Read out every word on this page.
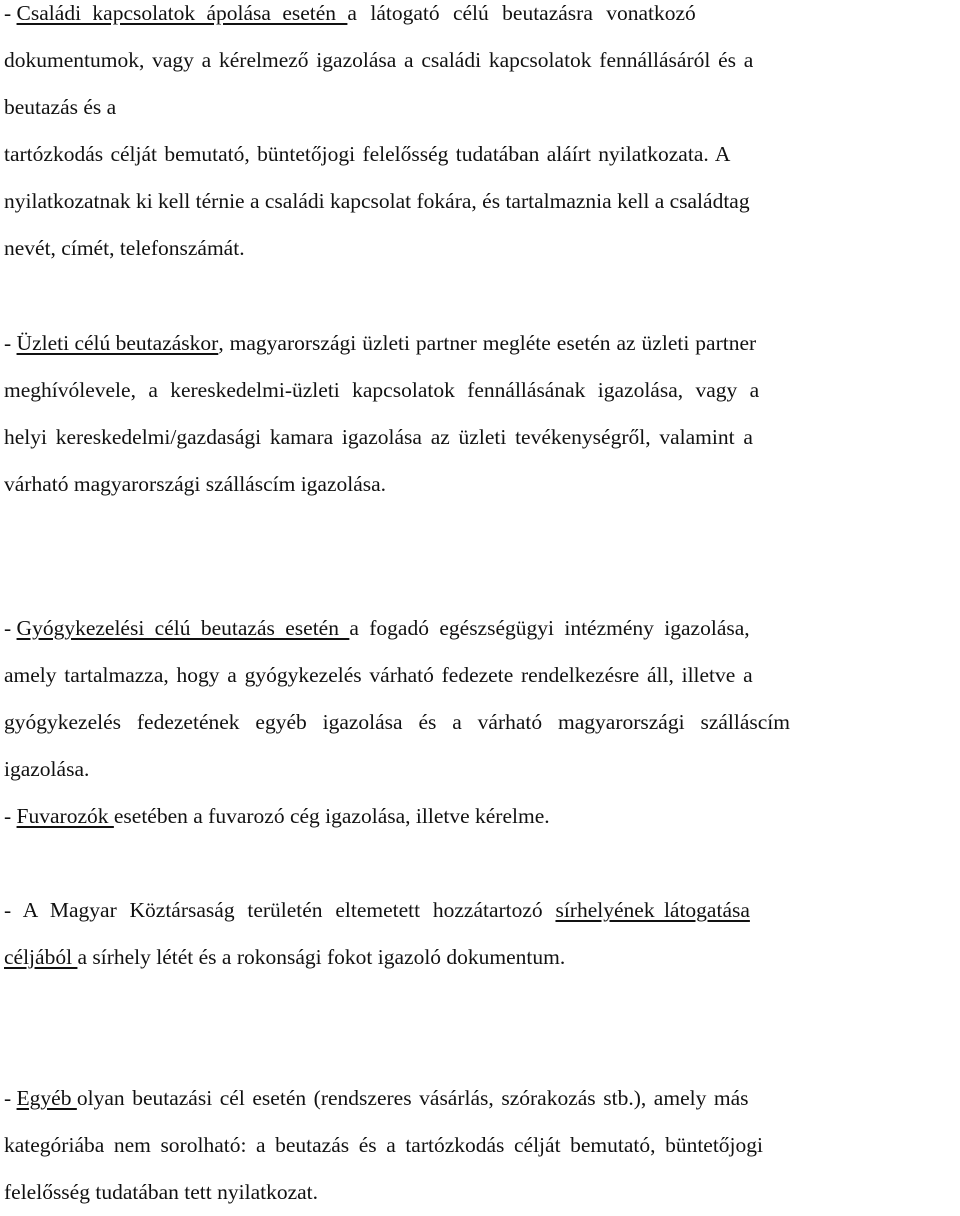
- Családi kapcsolatok ápolása esetén a látogató célú beutazásra vonatkozó
dokumentumok, vagy a kérelmező igazolása a családi kapcsolatok fennállásáról és a
beutazás és a
tartózkodás célját bemutató, büntetőjogi felelősség tudatában aláírt nyilatkozata. A
nyilatkozatnak ki kell térnie a családi kapcsolat fokára, és tartalmaznia kell a családtag
nevét, címét, telefonszámát.
- Üzleti célú beutazáskor , magyarországi üzleti partner megléte esetén az üzleti partner
meghívólevele, a kereskedelmi-üzleti kapcsolatok fennállásának igazolása, vagy a
helyi kereskedelmi/gazdasági kamara igazolása az üzleti tevékenységről, valamint a
várható magyarországi szálláscím igazolása.
- Gyógykezelési célú beutazás esetén a fogadó egészségügyi intézmény igazolása,
amely tartalmazza, hogy a gyógykezelés várható fedezete rendelkezésre áll, illetve a
gyógykezelés fedezetének egyéb igazolása és a várható magyarországi szálláscím
igazolása.
- Fuvarozók esetében a fuvarozó cég igazolása, illetve kérelme.
- A Magyar Köztársaság területén eltemetett hozzátartozó sírhelyének látogatása
céljából a sírhely létét és a rokonsági fokot igazoló dokumentum.
- Egyéb olyan beutazási cél esetén (rendszeres vásárlás, szórakozás stb.), amely más
kategóriába nem sorolható: a beutazás és a tartózkodás célját bemutató, büntetőjogi
felelősség tudatában tett nyilatkozat.
